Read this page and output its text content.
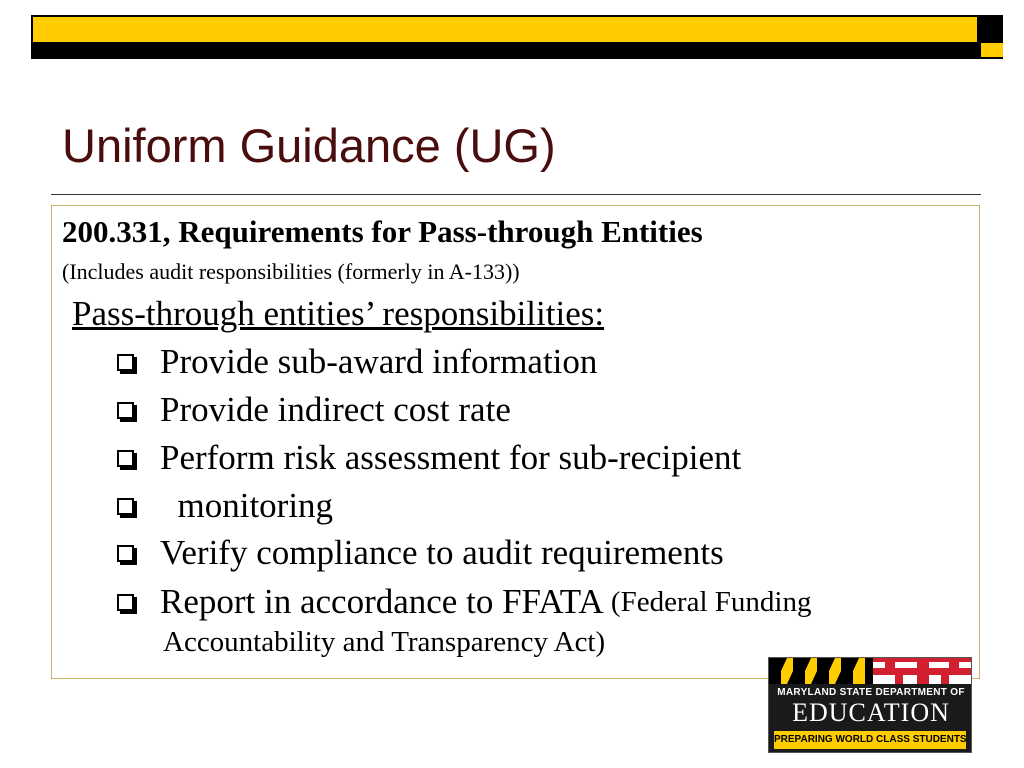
Uniform Guidance (UG)
200.331, Requirements for Pass-through Entities
(Includes audit responsibilities (formerly in A-133))
Pass-through entities’ responsibilities:
Provide sub-award information
Provide indirect cost rate
Perform risk assessment for sub-recipient
monitoring
Verify compliance to audit requirements
Report in accordance to FFATA (Federal Funding
Accountability and Transparency Act)
MARYLAND STATE DEPARTMENT OF
EDUCATION
PREPARING WORLD CLASS STUDENTS
